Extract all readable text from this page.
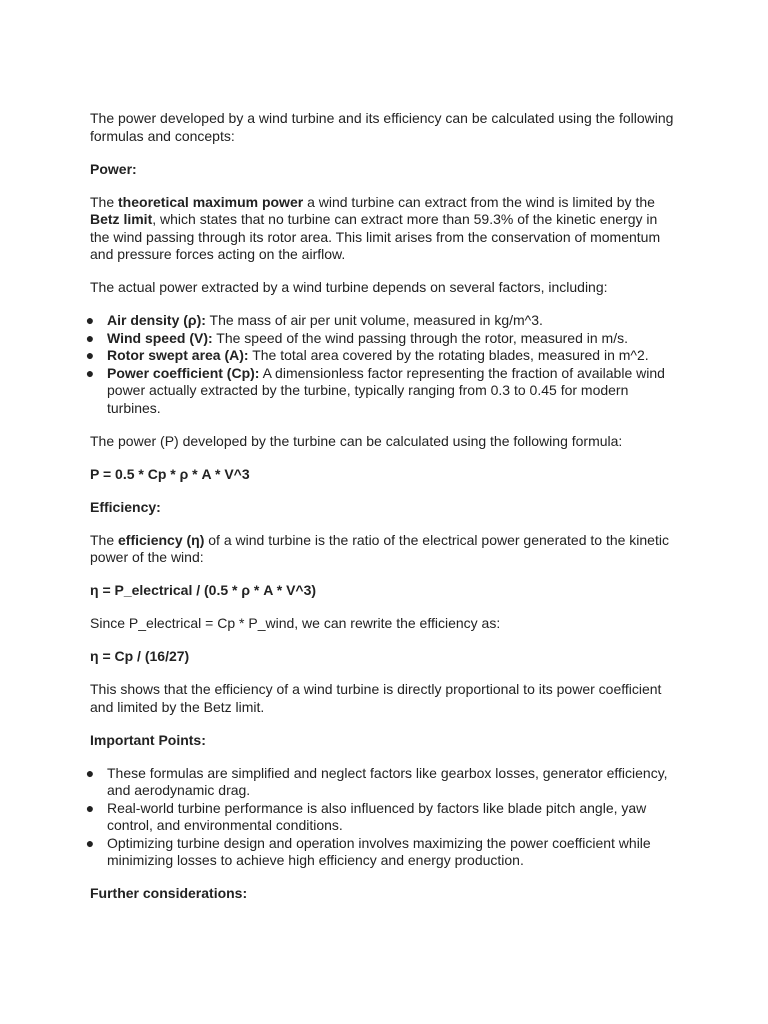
The power developed by a wind turbine and its efficiency can be calculated using the following formulas and concepts:

Power:

The theoretical maximum power a wind turbine can extract from the wind is limited by the Betz limit, which states that no turbine can extract more than 59.3% of the kinetic energy in the wind passing through its rotor area. This limit arises from the conservation of momentum and pressure forces acting on the airflow.

The actual power extracted by a wind turbine depends on several factors, including:

● Air density (ρ): The mass of air per unit volume, measured in kg/m^3.
● Wind speed (V): The speed of the wind passing through the rotor, measured in m/s.
● Rotor swept area (A): The total area covered by the rotating blades, measured in m^2.
● Power coefficient (Cp): A dimensionless factor representing the fraction of available wind power actually extracted by the turbine, typically ranging from 0.3 to 0.45 for modern turbines.

The power (P) developed by the turbine can be calculated using the following formula:

P = 0.5 * Cp * ρ * A * V^3

Efficiency:

The efficiency (η) of a wind turbine is the ratio of the electrical power generated to the kinetic power of the wind:

η = P_electrical / (0.5 * ρ * A * V^3)

Since P_electrical = Cp * P_wind, we can rewrite the efficiency as:

η = Cp / (16/27)

This shows that the efficiency of a wind turbine is directly proportional to its power coefficient and limited by the Betz limit.

Important Points:

● These formulas are simplified and neglect factors like gearbox losses, generator efficiency, and aerodynamic drag.
● Real-world turbine performance is also influenced by factors like blade pitch angle, yaw control, and environmental conditions.
● Optimizing turbine design and operation involves maximizing the power coefficient while minimizing losses to achieve high efficiency and energy production.

Further considerations:
